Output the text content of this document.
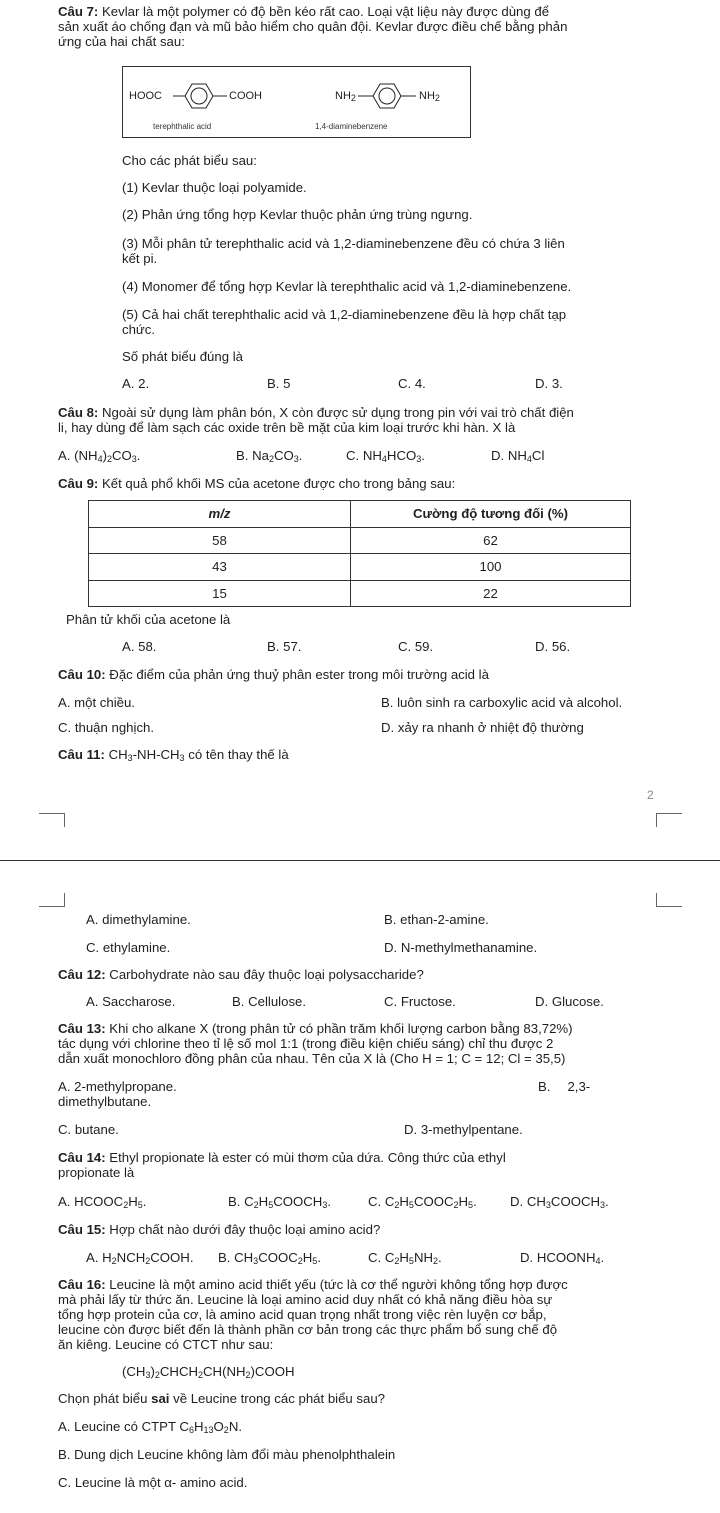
Câu 7: Kevlar là một polymer có độ bền kéo rất cao. Loại vật liệu này được dùng để
sản xuất áo chống đạn và mũ bảo hiểm cho quân đội. Kevlar được điều chế bằng phản
ứng của hai chất sau:
HOOC	COOH
terephthalic acid
$NH_2$	$NH_2$
1,4-diaminebenzene
Cho các phát biểu sau:
(1) Kevlar thuộc loại polyamide.
(2) Phản ứng tổng hợp Kevlar thuộc phản ứng trùng ngưng.
(3) Mỗi phân tử terephthalic acid và 1,2-diaminebenzene đều có chứa 3 liên
kết pi.
(4) Monomer để tổng hợp Kevlar là terephthalic acid và 1,2-diaminebenzene.
(5) Cả hai chất terephthalic acid và 1,2-diaminebenzene đều là hợp chất tạp
chức.
Số phát biểu đúng là
A. 2.	B. 5	C. 4.	D. 3.
Câu 8: Ngoài sử dụng làm phân bón, X còn được sử dụng trong pin với vai trò chất điện
li, hay dùng để làm sạch các oxide trên bề mặt của kim loại trước khi hàn. X là
A. $(NH_4)_2CO_3$.	B. $Na_2CO_3$.	C. $NH_4HCO_3$.	D. $NH_4Cl$
Câu 9: Kết quả phổ khối MS của acetone được cho trong bảng sau:
m/z	Cường độ tương đối (%)
58	62
43	100
15	22
Phân tử khối của acetone là
A. 58.	B. 57.	C. 59.	D. 56.
Câu 10: Đặc điểm của phản ứng thuỷ phân ester trong môi trường acid là
A. một chiều.	B. luôn sinh ra carboxylic acid và alcohol.
C. thuận nghịch.	D. xảy ra nhanh ở nhiệt độ thường
Câu 11: $CH_3-NH-CH_3$ có tên thay thế là
2
A. dimethylamine.	B. ethan-2-amine.
C. ethylamine.	D. N-methylmethanamine.
Câu 12: Carbohydrate nào sau đây thuộc loại polysaccharide?
A. Saccharose.	B. Cellulose.	C. Fructose.	D. Glucose.
Câu 13: Khi cho alkane X (trong phân tử có phần trăm khối lượng carbon bằng 83,72%)
tác dụng với chlorine theo tỉ lệ số mol 1:1 (trong điều kiện chiếu sáng) chỉ thu được 2
dẫn xuất monochloro đồng phân của nhau. Tên của X là (Cho H = 1; C = 12; Cl = 35,5)
A. 2-methylpropane.	B. 2,3-
dimethylbutane.
C. butane.	D. 3-methylpentane.
Câu 14: Ethyl propionate là ester có mùi thơm của dứa. Công thức của ethyl
propionate là
A. $HCOOC_2H_5$.	B. $C_2H_5COOCH_3$.	C. $C_2H_5COOC_2H_5$.	D. $CH_3COOCH_3$.
Câu 15: Hợp chất nào dưới đây thuộc loại amino acid?
A. $H_2NCH_2COOH$. B. $CH_3COOC_2H_5$.	C. $C_2H_5NH_2$.	D. $HCOONH_4$.
Câu 16: Leucine là một amino acid thiết yếu (tức là cơ thể người không tổng hợp được
mà phải lấy từ thức ăn. Leucine là loại amino acid duy nhất có khả năng điều hòa sự
tổng hợp protein của cơ, là amino acid quan trọng nhất trong việc rèn luyện cơ bắp,
leucine còn được biết đến là thành phần cơ bản trong các thực phẩm bổ sung chế độ
ăn kiêng. Leucine có CTCT như sau:
$(CH_3)_2CHCH_2CH(NH_2)COOH$
Chọn phát biểu sai về Leucine trong các phát biểu sau?
A. Leucine có CTPT $C_6H_{13}O_2N$.
B. Dung dịch Leucine không làm đổi màu phenolphthalein
C. Leucine là một α- amino acid.
